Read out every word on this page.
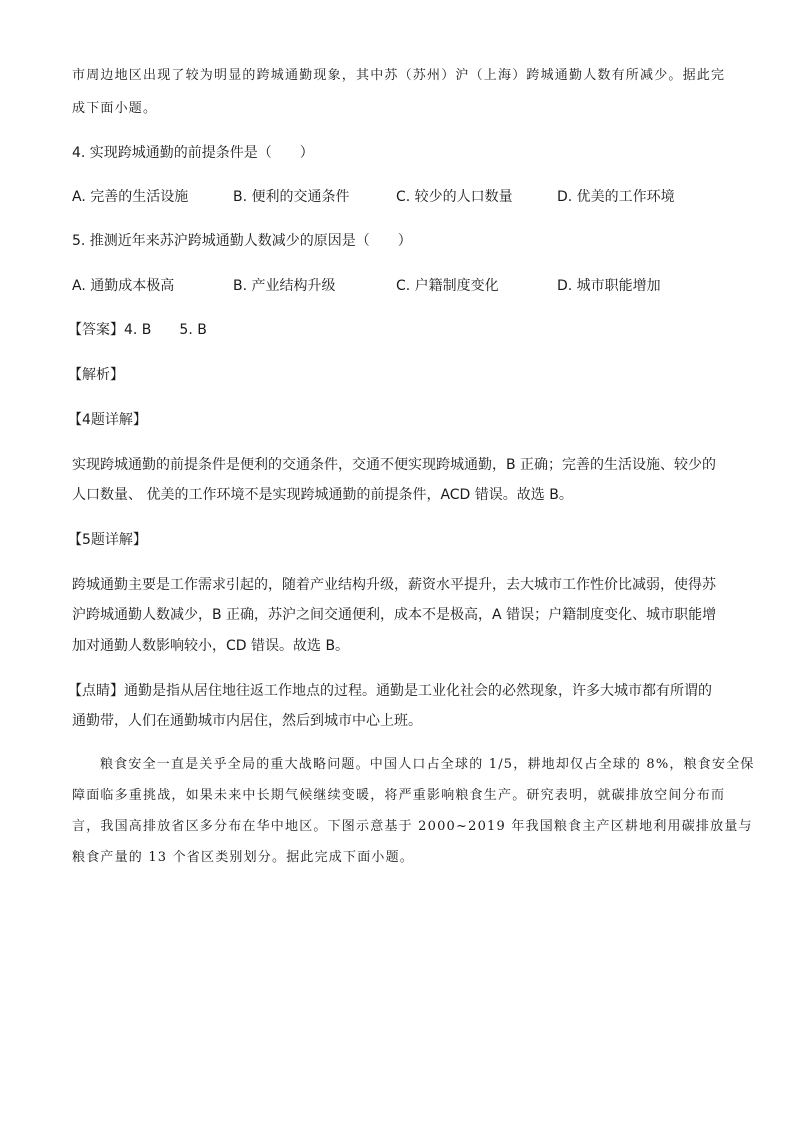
市周边地区出现了较为明显的跨城通勤现象，其中苏（苏州）沪（上海）跨城通勤人数有所减少。据此完
成下面小题。
4. 实现跨城通勤的前提条件是（　　）
A. 完善的生活设施	B. 便利的交通条件	C. 较少的人口数量	D. 优美的工作环境
5. 推测近年来苏沪跨城通勤人数减少的原因是（　　）
A. 通勤成本极高	B. 产业结构升级	C. 户籍制度变化	D. 城市职能增加
【答案】4. B　　5. B
【解析】
【4题详解】
实现跨城通勤的前提条件是便利的交通条件，交通不便实现跨城通勤，B 正确；完善的生活设施、较少的
人口数量、 优美的工作环境不是实现跨城通勤的前提条件，ACD 错误。故选 B。
【5题详解】
跨城通勤主要是工作需求引起的，随着产业结构升级，薪资水平提升，去大城市工作性价比减弱，使得苏
沪跨城通勤人数减少，B 正确，苏沪之间交通便利，成本不是极高，A 错误；户籍制度变化、城市职能增
加对通勤人数影响较小，CD 错误。故选 B。
【点睛】通勤是指从居住地往返工作地点的过程。通勤是工业化社会的必然现象，许多大城市都有所谓的
通勤带，人们在通勤城市内居住，然后到城市中心上班。
粮食安全一直是关乎全局的重大战略问题。中国人口占全球的 1/5，耕地却仅占全球的 8%，粮食安全保
障面临多重挑战，如果未来中长期气候继续变暖，将严重影响粮食生产。研究表明，就碳排放空间分布而
言，我国高排放省区多分布在华中地区。下图示意基于 2000~2019 年我国粮食主产区耕地利用碳排放量与
粮食产量的 13 个省区类别划分。据此完成下面小题。
